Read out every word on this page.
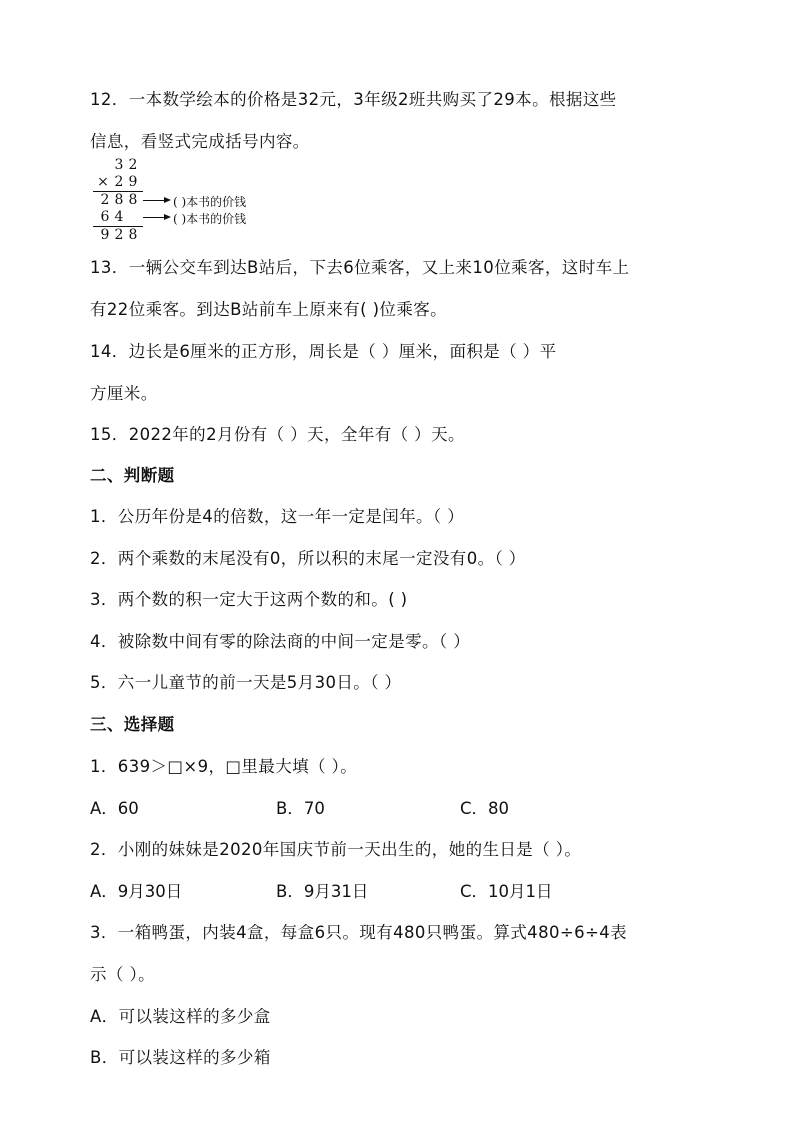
12．一本数学绘本的价格是32元，3年级2班共购买了29本。根据这些
信息，看竖式完成括号内容。
3 2
× 2 9
2 8 8	( )本书的价钱
6 4	( )本书的价钱
9 2 8
13．一辆公交车到达B站后，下去6位乘客，又上来10位乘客，这时车上
有22位乘客。到达B站前车上原来有( )位乘客。
14．边长是6厘米的正方形，周长是（ ）厘米，面积是（ ）平
方厘米。
15．2022年的2月份有（ ）天，全年有（ ）天。
二、判断题
1．公历年份是4的倍数，这一年一定是闰年。（ ）
2．两个乘数的末尾没有0，所以积的末尾一定没有0。（ ）
3．两个数的积一定大于这两个数的和。( )
4．被除数中间有零的除法商的中间一定是零。（ ）
5．六一儿童节的前一天是5月30日。（ ）
三、选择题
1．639＞□×9，□里最大填（ ）。
A．60	B．70	C．80
2．小刚的妹妹是2020年国庆节前一天出生的，她的生日是（ ）。
A．9月30日	B．9月31日	C．10月1日
3．一箱鸭蛋，内装4盒，每盒6只。现有480只鸭蛋。算式480÷6÷4表
示（ ）。
A．可以装这样的多少盒
B．可以装这样的多少箱
